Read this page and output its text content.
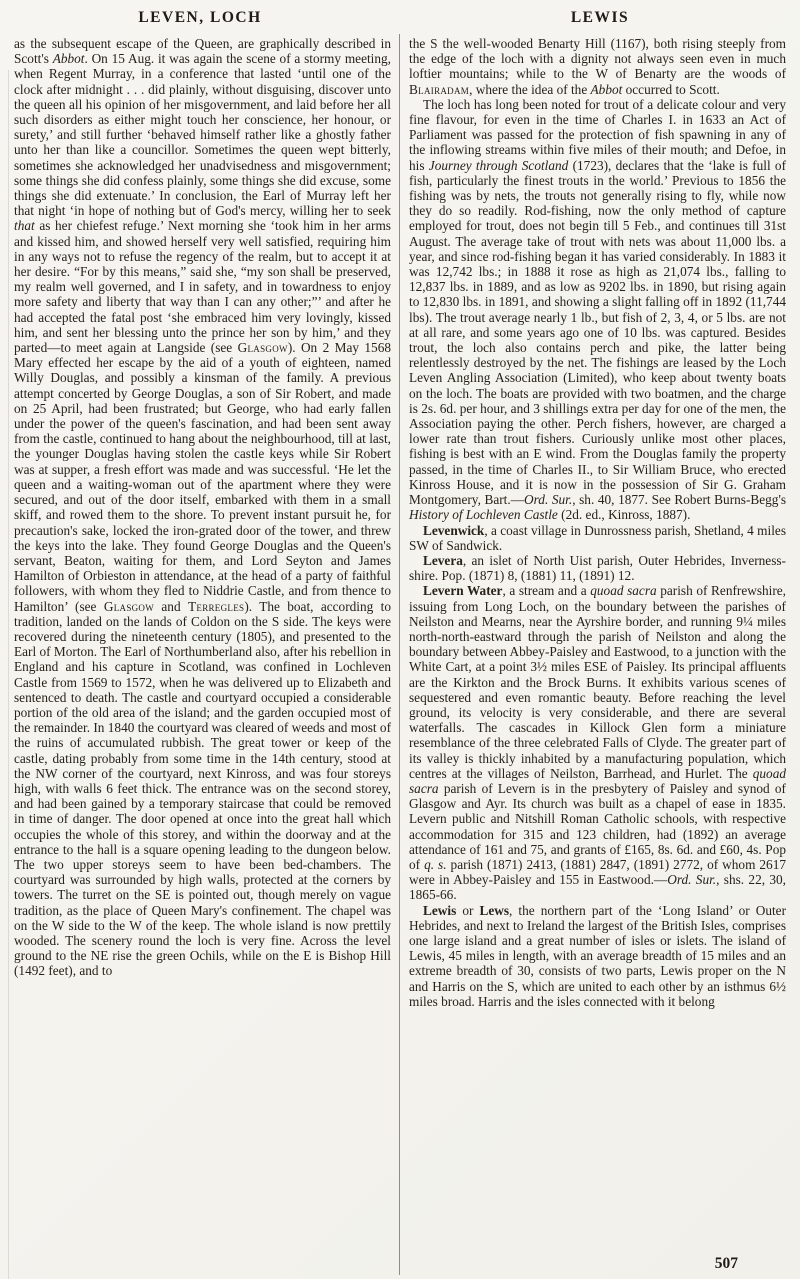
LEVEN, LOCH	LEWIS

as the subsequent escape of the Queen, are graphically described in Scott's Abbot. On 15 Aug. it was again the scene of a stormy meeting, when Regent Murray, in a conference that lasted ‘until one of the clock after midnight . . . did plainly, without disguising, discover unto the queen all his opinion of her misgovernment, and laid before her all such disorders as either might touch her conscience, her honour, or surety,’ and still further ‘behaved himself rather like a ghostly father unto her than like a councillor. Sometimes the queen wept bitterly, sometimes she acknowledged her unadvisedness and misgovernment; some things she did confess plainly, some things she did excuse, some things she did extenuate.’ In conclusion, the Earl of Murray left her that night ‘in hope of nothing but of God's mercy, willing her to seek that as her chiefest refuge.’ Next morning she ‘took him in her arms and kissed him, and showed herself very well satisfied, requiring him in any ways not to refuse the regency of the realm, but to accept it at her desire. “For by this means,” said she, “my son shall be preserved, my realm well governed, and I in safety, and in towardness to enjoy more safety and liberty that way than I can any other;”’ and after he had accepted the fatal post ‘she embraced him very lovingly, kissed him, and sent her blessing unto the prince her son by him,’ and they parted—to meet again at Langside (see Glasgow). On 2 May 1568 Mary effected her escape by the aid of a youth of eighteen, named Willy Douglas, and possibly a kinsman of the family. A previous attempt concerted by George Douglas, a son of Sir Robert, and made on 25 April, had been frustrated; but George, who had early fallen under the power of the queen's fascination, and had been sent away from the castle, continued to hang about the neighbourhood, till at last, the younger Douglas having stolen the castle keys while Sir Robert was at supper, a fresh effort was made and was successful. ‘He let the queen and a waiting-woman out of the apartment where they were secured, and out of the door itself, embarked with them in a small skiff, and rowed them to the shore. To prevent instant pursuit he, for precaution's sake, locked the iron-grated door of the tower, and threw the keys into the lake. They found George Douglas and the Queen's servant, Beaton, waiting for them, and Lord Seyton and James Hamilton of Orbieston in attendance, at the head of a party of faithful followers, with whom they fled to Niddrie Castle, and from thence to Hamilton’ (see Glasgow and Terregles). The boat, according to tradition, landed on the lands of Coldon on the S side. The keys were recovered during the nineteenth century (1805), and presented to the Earl of Morton. The Earl of Northumberland also, after his rebellion in England and his capture in Scotland, was confined in Lochleven Castle from 1569 to 1572, when he was delivered up to Elizabeth and sentenced to death. The castle and courtyard occupied a considerable portion of the old area of the island; and the garden occupied most of the remainder. In 1840 the courtyard was cleared of weeds and most of the ruins of accumulated rubbish. The great tower or keep of the castle, dating probably from some time in the 14th century, stood at the NW corner of the courtyard, next Kinross, and was four storeys high, with walls 6 feet thick. The entrance was on the second storey, and had been gained by a temporary staircase that could be removed in time of danger. The door opened at once into the great hall which occupies the whole of this storey, and within the doorway and at the entrance to the hall is a square opening leading to the dungeon below. The two upper storeys seem to have been bed-chambers. The courtyard was surrounded by high walls, protected at the corners by towers. The turret on the SE is pointed out, though merely on vague tradition, as the place of Queen Mary's confinement. The chapel was on the W side to the W of the keep. The whole island is now prettily wooded. The scenery round the loch is very fine. Across the level ground to the NE rise the green Ochils, while on the E is Bishop Hill (1492 feet), and to

the S the well-wooded Benarty Hill (1167), both rising steeply from the edge of the loch with a dignity not always seen even in much loftier mountains; while to the W of Benarty are the woods of Blairadam, where the idea of the Abbot occurred to Scott.

The loch has long been noted for trout of a delicate colour and very fine flavour, for even in the time of Charles I. in 1633 an Act of Parliament was passed for the protection of fish spawning in any of the inflowing streams within five miles of their mouth; and Defoe, in his Journey through Scotland (1723), declares that the ‘lake is full of fish, particularly the finest trouts in the world.’ Previous to 1856 the fishing was by nets, the trouts not generally rising to fly, while now they do so readily. Rod-fishing, now the only method of capture employed for trout, does not begin till 5 Feb., and continues till 31st August. The average take of trout with nets was about 11,000 lbs. a year, and since rod-fishing began it has varied considerably. In 1883 it was 12,742 lbs.; in 1888 it rose as high as 21,074 lbs., falling to 12,837 lbs. in 1889, and as low as 9202 lbs. in 1890, but rising again to 12,830 lbs. in 1891, and showing a slight falling off in 1892 (11,744 lbs). The trout average nearly 1 lb., but fish of 2, 3, 4, or 5 lbs. are not at all rare, and some years ago one of 10 lbs. was captured. Besides trout, the loch also contains perch and pike, the latter being relentlessly destroyed by the net. The fishings are leased by the Loch Leven Angling Association (Limited), who keep about twenty boats on the loch. The boats are provided with two boatmen, and the charge is 2s. 6d. per hour, and 3 shillings extra per day for one of the men, the Association paying the other. Perch fishers, however, are charged a lower rate than trout fishers. Curiously unlike most other places, fishing is best with an E wind. From the Douglas family the property passed, in the time of Charles II., to Sir William Bruce, who erected Kinross House, and it is now in the possession of Sir G. Graham Montgomery, Bart.—Ord. Sur., sh. 40, 1877. See Robert Burns-Begg's History of Lochleven Castle (2d. ed., Kinross, 1887).

Levenwick, a coast village in Dunrossness parish, Shetland, 4 miles SW of Sandwick.

Levera, an islet of North Uist parish, Outer Hebrides, Inverness-shire. Pop. (1871) 8, (1881) 11, (1891) 12.

Levern Water, a stream and a quoad sacra parish of Renfrewshire, issuing from Long Loch, on the boundary between the parishes of Neilston and Mearns, near the Ayrshire border, and running 9¼ miles north-north-eastward through the parish of Neilston and along the boundary between Abbey-Paisley and Eastwood, to a junction with the White Cart, at a point 3½ miles ESE of Paisley. Its principal affluents are the Kirkton and the Brock Burns. It exhibits various scenes of sequestered and even romantic beauty. Before reaching the level ground, its velocity is very considerable, and there are several waterfalls. The cascades in Killock Glen form a miniature resemblance of the three celebrated Falls of Clyde. The greater part of its valley is thickly inhabited by a manufacturing population, which centres at the villages of Neilston, Barrhead, and Hurlet. The quoad sacra parish of Levern is in the presbytery of Paisley and synod of Glasgow and Ayr. Its church was built as a chapel of ease in 1835. Levern public and Nitshill Roman Catholic schools, with respective accommodation for 315 and 123 children, had (1892) an average attendance of 161 and 75, and grants of £165, 8s. 6d. and £60, 4s. Pop of q. s. parish (1871) 2413, (1881) 2847, (1891) 2772, of whom 2617 were in Abbey-Paisley and 155 in Eastwood.—Ord. Sur., shs. 22, 30, 1865-66.

Lewis or Lews, the northern part of the ‘Long Island’ or Outer Hebrides, and next to Ireland the largest of the British Isles, comprises one large island and a great number of isles or islets. The island of Lewis, 45 miles in length, with an average breadth of 15 miles and an extreme breadth of 30, consists of two parts, Lewis proper on the N and Harris on the S, which are united to each other by an isthmus 6½ miles broad. Harris and the isles connected with it belong

507
